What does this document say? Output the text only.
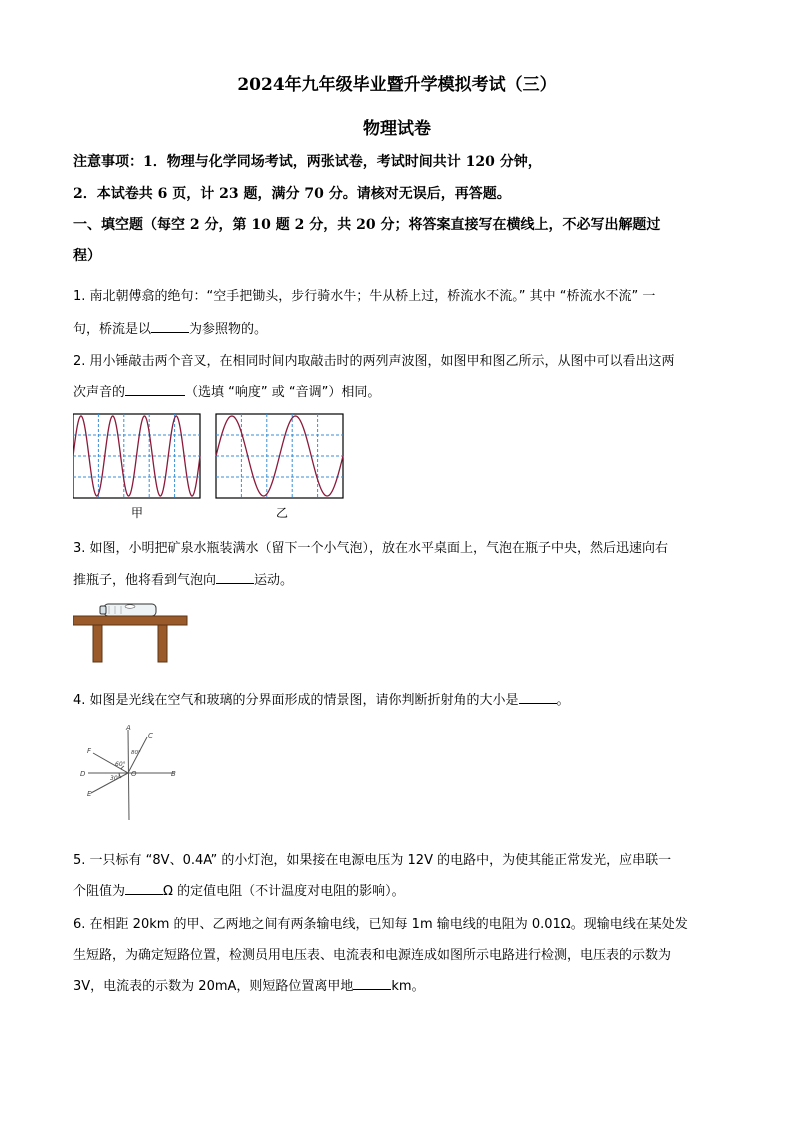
2024年九年级毕业暨升学模拟考试（三）
物理试卷
注意事项：1．物理与化学同场考试，两张试卷，考试时间共计 120 分钟，
2．本试卷共 6 页，计 23 题，满分 70 分。请核对无误后，再答题。
一、填空题（每空 2 分，第 10 题 2 分，共 20 分；将答案直接写在横线上，不必写出解题过
程）
1. 南北朝傅翕的绝句：“空手把锄头，步行骑水牛；牛从桥上过，桥流水不流。” 其中 “桥流水不流” 一
句，桥流是以	为参照物的。
2. 用小锤敲击两个音叉，在相同时间内取敲击时的两列声波图，如图甲和图乙所示，从图中可以看出这两
次声音的	（选填 “响度” 或 “音调”）相同。
甲	乙
3. 如图，小明把矿泉水瓶装满水（留下一个小气泡），放在水平桌面上，气泡在瓶子中央，然后迅速向右
推瓶子，他将看到气泡向	运动。
4. 如图是光线在空气和玻璃的分界面形成的情景图，请你判断折射角的大小是	。
A
C
F
D	B
E
O
80°
60°
30°
5. 一只标有 “8V、0.4A” 的小灯泡，如果接在电源电压为 12V 的电路中，为使其能正常发光，应串联一
个阻值为	Ω 的定值电阻（不计温度对电阻的影响）。
6. 在相距 20km 的甲、乙两地之间有两条输电线，已知每 1m 输电线的电阻为 0.01Ω。现输电线在某处发
生短路，为确定短路位置，检测员用电压表、电流表和电源连成如图所示电路进行检测，电压表的示数为
3V，电流表的示数为 20mA，则短路位置离甲地	km。
